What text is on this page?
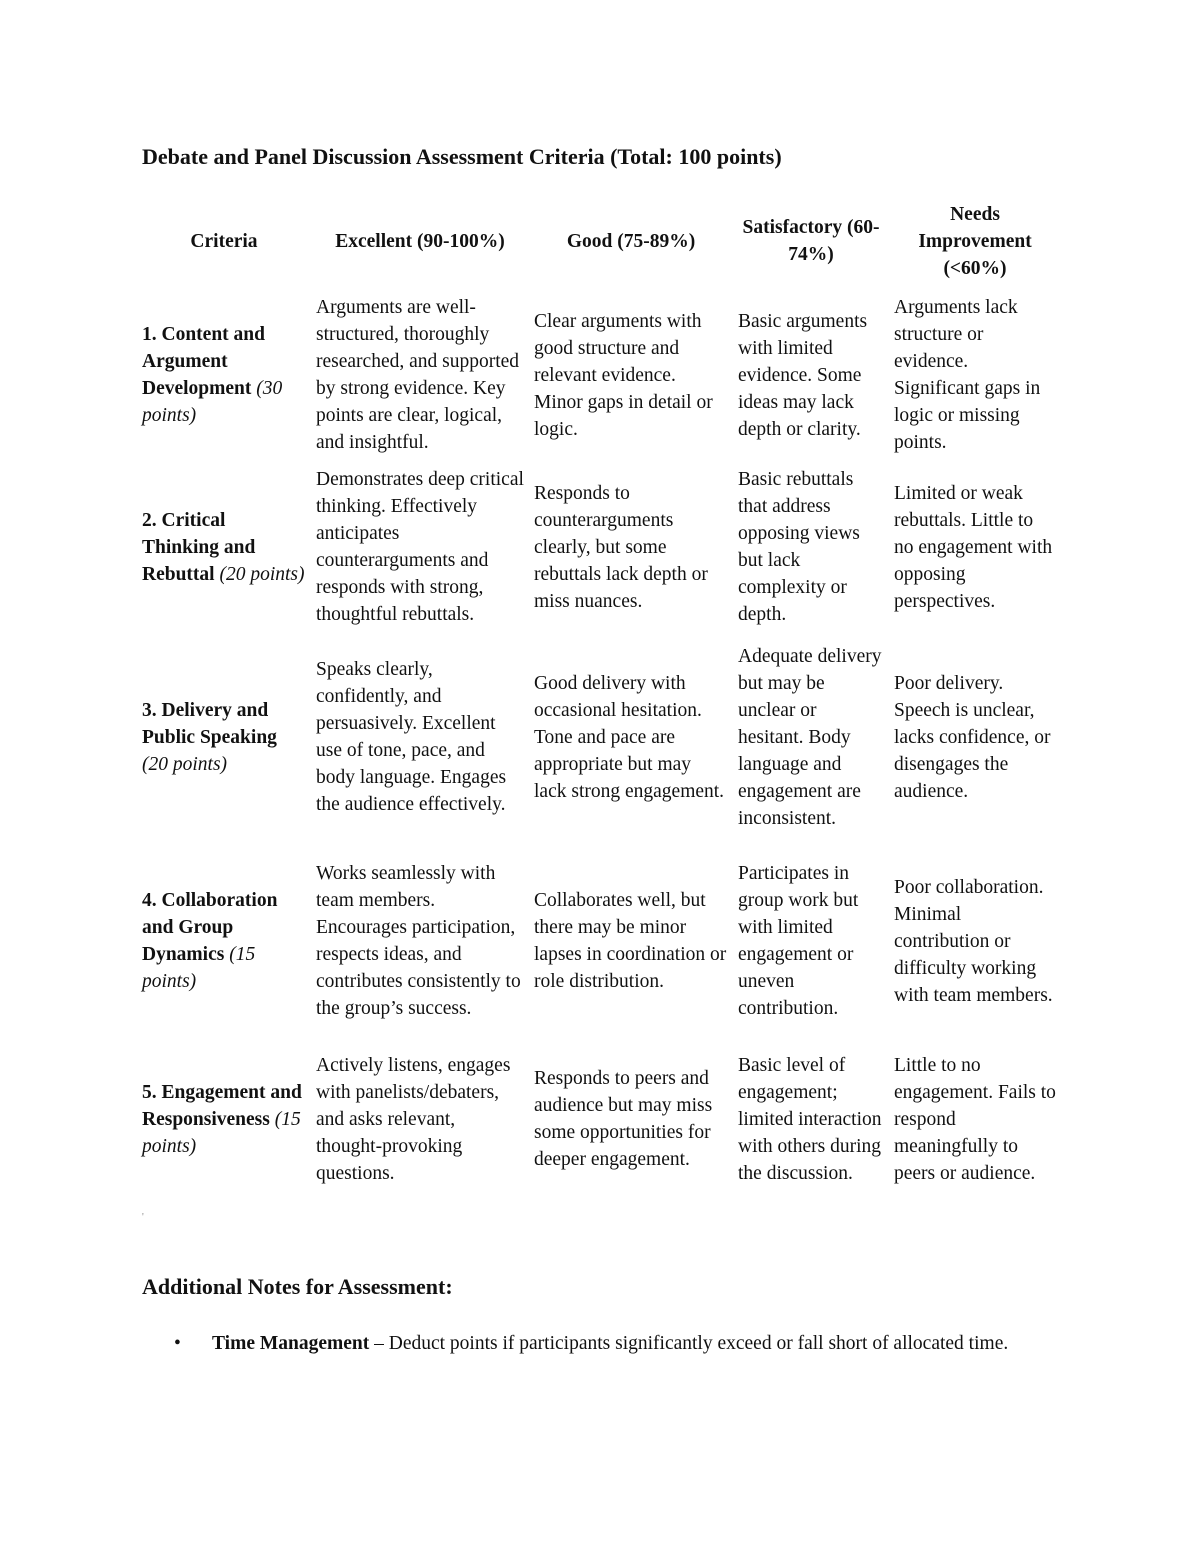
Debate and Panel Discussion Assessment Criteria (Total: 100 points)
Criteria	Excellent (90-100%)	Good (75-89%)	Satisfactory (60-74%)	Needs Improvement (<60%)
1. Content and Argument Development (30 points)	Arguments are well-structured, thoroughly researched, and supported by strong evidence. Key points are clear, logical, and insightful.	Clear arguments with good structure and relevant evidence. Minor gaps in detail or logic.	Basic arguments with limited evidence. Some ideas may lack depth or clarity.	Arguments lack structure or evidence. Significant gaps in logic or missing points.
2. Critical Thinking and Rebuttal (20 points)	Demonstrates deep critical thinking. Effectively anticipates counterarguments and responds with strong, thoughtful rebuttals.	Responds to counterarguments clearly, but some rebuttals lack depth or miss nuances.	Basic rebuttals that address opposing views but lack complexity or depth.	Limited or weak rebuttals. Little to no engagement with opposing perspectives.
3. Delivery and Public Speaking (20 points)	Speaks clearly, confidently, and persuasively. Excellent use of tone, pace, and body language. Engages the audience effectively.	Good delivery with occasional hesitation. Tone and pace are appropriate but may lack strong engagement.	Adequate delivery but may be unclear or hesitant. Body language and engagement are inconsistent.	Poor delivery. Speech is unclear, lacks confidence, or disengages the audience.
4. Collaboration and Group Dynamics (15 points)	Works seamlessly with team members. Encourages participation, respects ideas, and contributes consistently to the group’s success.	Collaborates well, but there may be minor lapses in coordination or role distribution.	Participates in group work but with limited engagement or uneven contribution.	Poor collaboration. Minimal contribution or difficulty working with team members.
5. Engagement and Responsiveness (15 points)	Actively listens, engages with panelists/debaters, and asks relevant, thought-provoking questions.	Responds to peers and audience but may miss some opportunities for deeper engagement.	Basic level of engagement; limited interaction with others during the discussion.	Little to no engagement. Fails to respond meaningfully to peers or audience.
'
Additional Notes for Assessment:
• Time Management – Deduct points if participants significantly exceed or fall short of allocated time.
